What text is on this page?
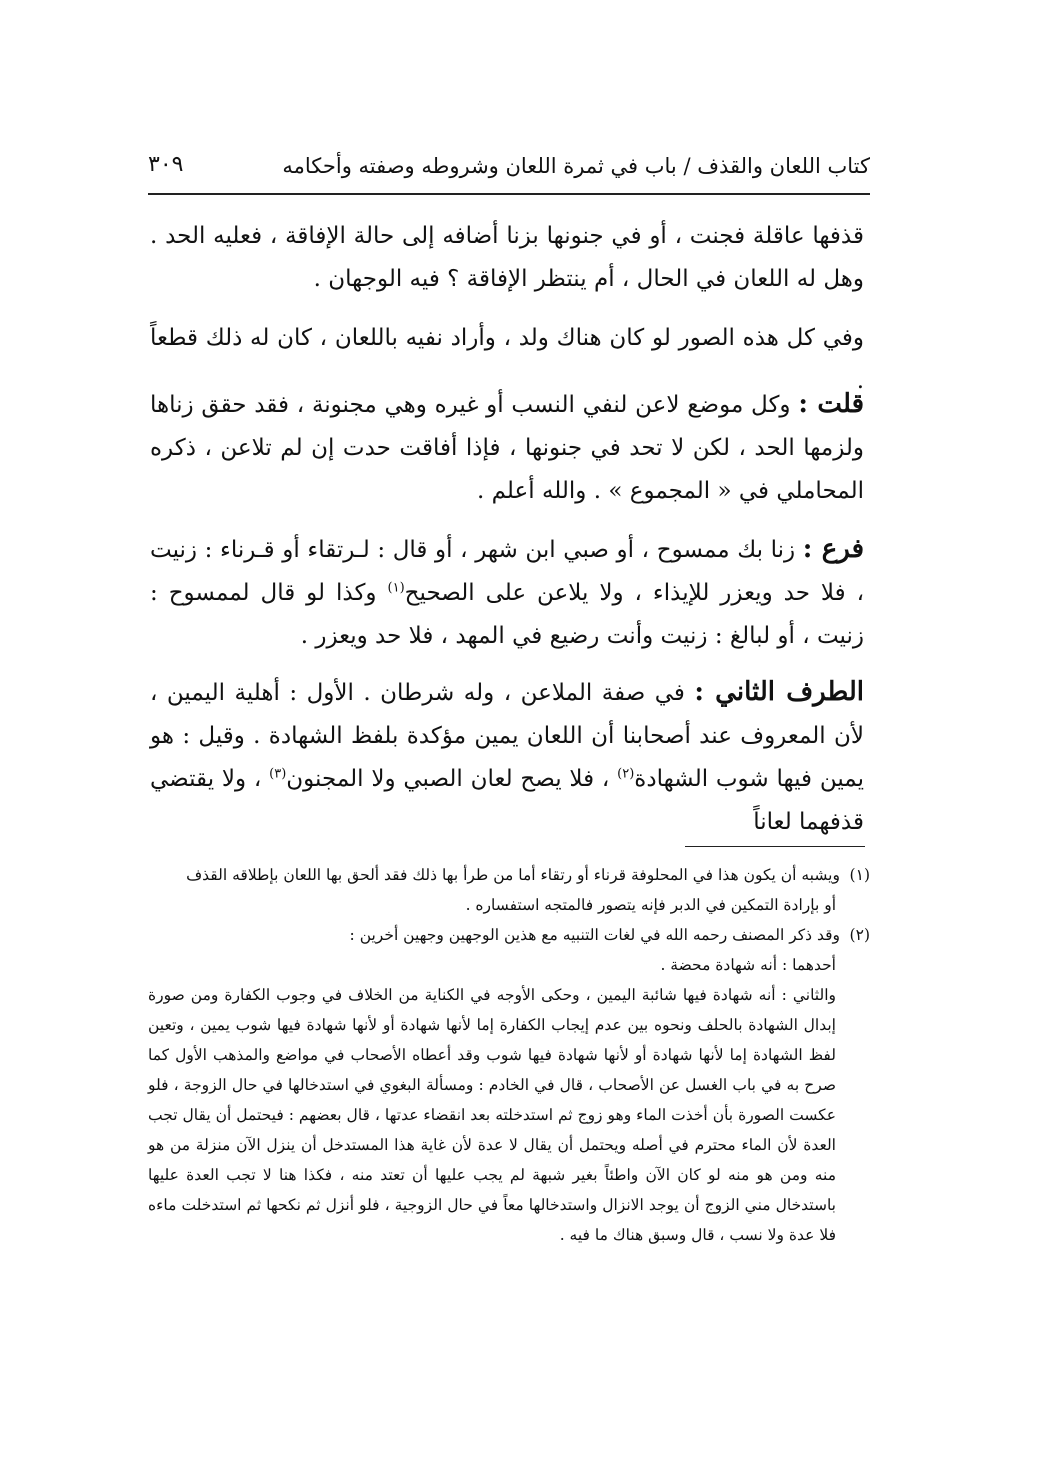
كتاب اللعان والقذف / باب في ثمرة اللعان وشروطه وصفته وأحكامه
٣٠٩

قذفها عاقلة فجنت ، أو في جنونها بزنا أضافه إلى حالة الإفاقة ، فعليه الحد . وهل له اللعان في الحال ، أم ينتظر الإفاقة ؟ فيه الوجهان .

وفي كل هذه الصور لو كان هناك ولد ، وأراد نفيه باللعان ، كان له ذلك قطعاً .

قلت : وكل موضع لاعن لنفي النسب أو غيره وهي مجنونة ، فقد حقق زناها ولزمها الحد ، لكن لا تحد في جنونها ، فإذا أفاقت حدت إن لم تلاعن ، ذكره المحاملي في « المجموع » . والله أعلم .

فرع : زنا بك ممسوح ، أو صبي ابن شهر ، أو قال : لـرتقاء أو قـرناء : زنيت ، فلا حد ويعزر للإيذاء ، ولا يلاعن على الصحيح$^{(١)}$ وكذا لو قال لممسوح : زنيت ، أو لبالغ : زنيت وأنت رضيع في المهد ، فلا حد ويعزر .

الطرف الثاني : في صفة الملاعن ، وله شرطان . الأول : أهلية اليمين ، لأن المعروف عند أصحابنا أن اللعان يمين مؤكدة بلفظ الشهادة . وقيل : هو يمين فيها شوب الشهادة$^{(٢)}$ ، فلا يصح لعان الصبي ولا المجنون$^{(٣)}$ ، ولا يقتضي قذفهما لعاناً

(١)ويشبه أن يكون هذا في المحلوفة قرناء أو رتقاء أما من طرأ بها ذلك فقد ألحق بها اللعان بإطلاقه القذف

أو بإرادة التمكين في الدبر فإنه يتصور فالمتجه استفساره .

(٢)وقد ذكر المصنف رحمه الله في لغات التنبيه مع هذين الوجهين وجهين أخرين :

أحدهما : أنه شهادة محضة .

والثاني : أنه شهادة فيها شائبة اليمين ، وحكى الأوجه في الكناية من الخلاف في وجوب الكفارة ومن صورة إبدال الشهادة بالحلف ونحوه بين عدم إيجاب الكفارة إما لأنها شهادة أو لأنها شهادة فيها شوب يمين ، وتعين لفظ الشهادة إما لأنها شهادة أو لأنها شهادة فيها شوب وقد أعطاه الأصحاب في مواضع والمذهب الأول كما صرح به في باب الغسل عن الأصحاب ، قال في الخادم : ومسألة البغوي في استدخالها في حال الزوجة ، فلو عكست الصورة بأن أخذت الماء وهو زوج ثم استدخلته بعد انقضاء عدتها ، قال بعضهم : فيحتمل أن يقال تجب العدة لأن الماء محترم في أصله ويحتمل أن يقال لا عدة لأن غاية هذا المستدخل أن ينزل الآن منزلة من هو منه ومن هو منه لو كان الآن واطئاً بغير شبهة لم يجب عليها أن تعتد منه ، فكذا هنا لا تجب العدة عليها باستدخال مني الزوج أن يوجد الانزال واستدخالها معاً في حال الزوجية ، فلو أنزل ثم نكحها ثم استدخلت ماءه فلا عدة ولا نسب ، قال وسبق هناك ما فيه .
